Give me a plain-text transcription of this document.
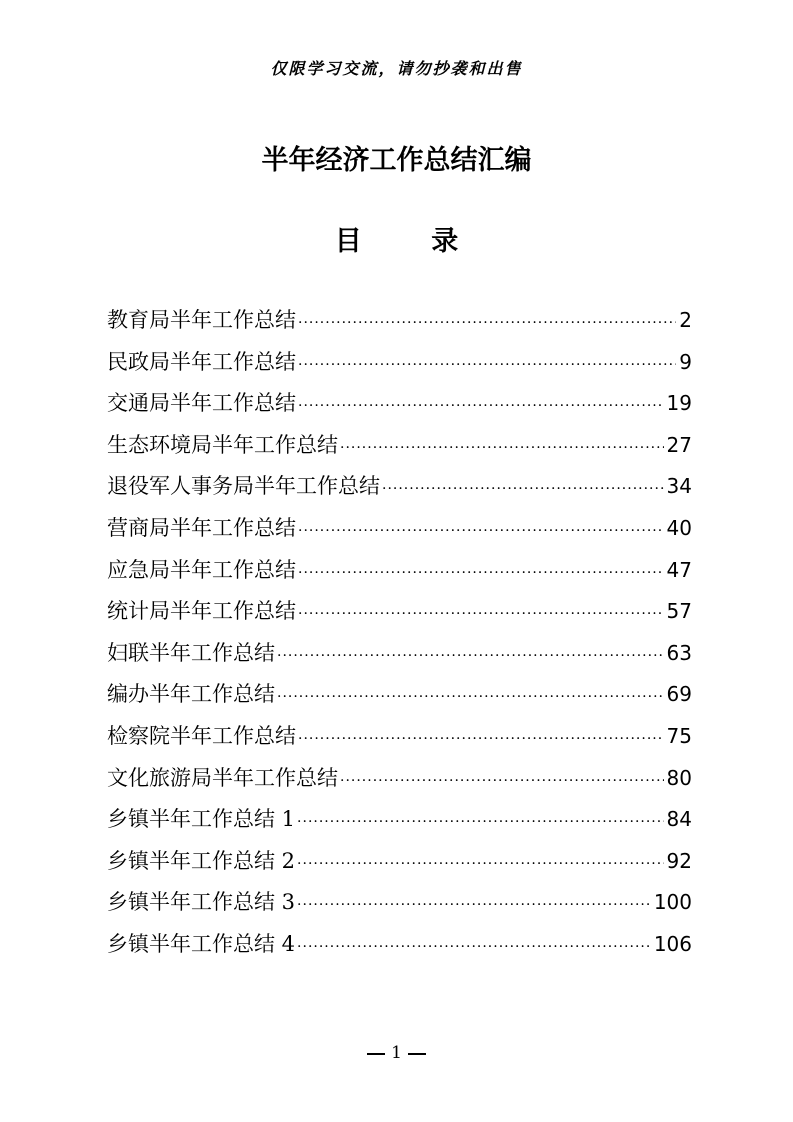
仅限学习交流，请勿抄袭和出售
半年经济工作总结汇编
目 录
教育局半年工作总结 ·····	2
民政局半年工作总结 ·····	9
交通局半年工作总结 ·····	19
生态环境局半年工作总结 ·····	27
退役军人事务局半年工作总结 ·····	34
营商局半年工作总结 ·····	40
应急局半年工作总结 ·····	47
统计局半年工作总结 ·····	57
妇联半年工作总结 ·····	63
编办半年工作总结 ·····	69
检察院半年工作总结 ·····	75
文化旅游局半年工作总结 ·····	80
乡镇半年工作总结 1 ·····	84
乡镇半年工作总结 2 ·····	92
乡镇半年工作总结 3 ·····	100
乡镇半年工作总结 4 ·····	106
1
